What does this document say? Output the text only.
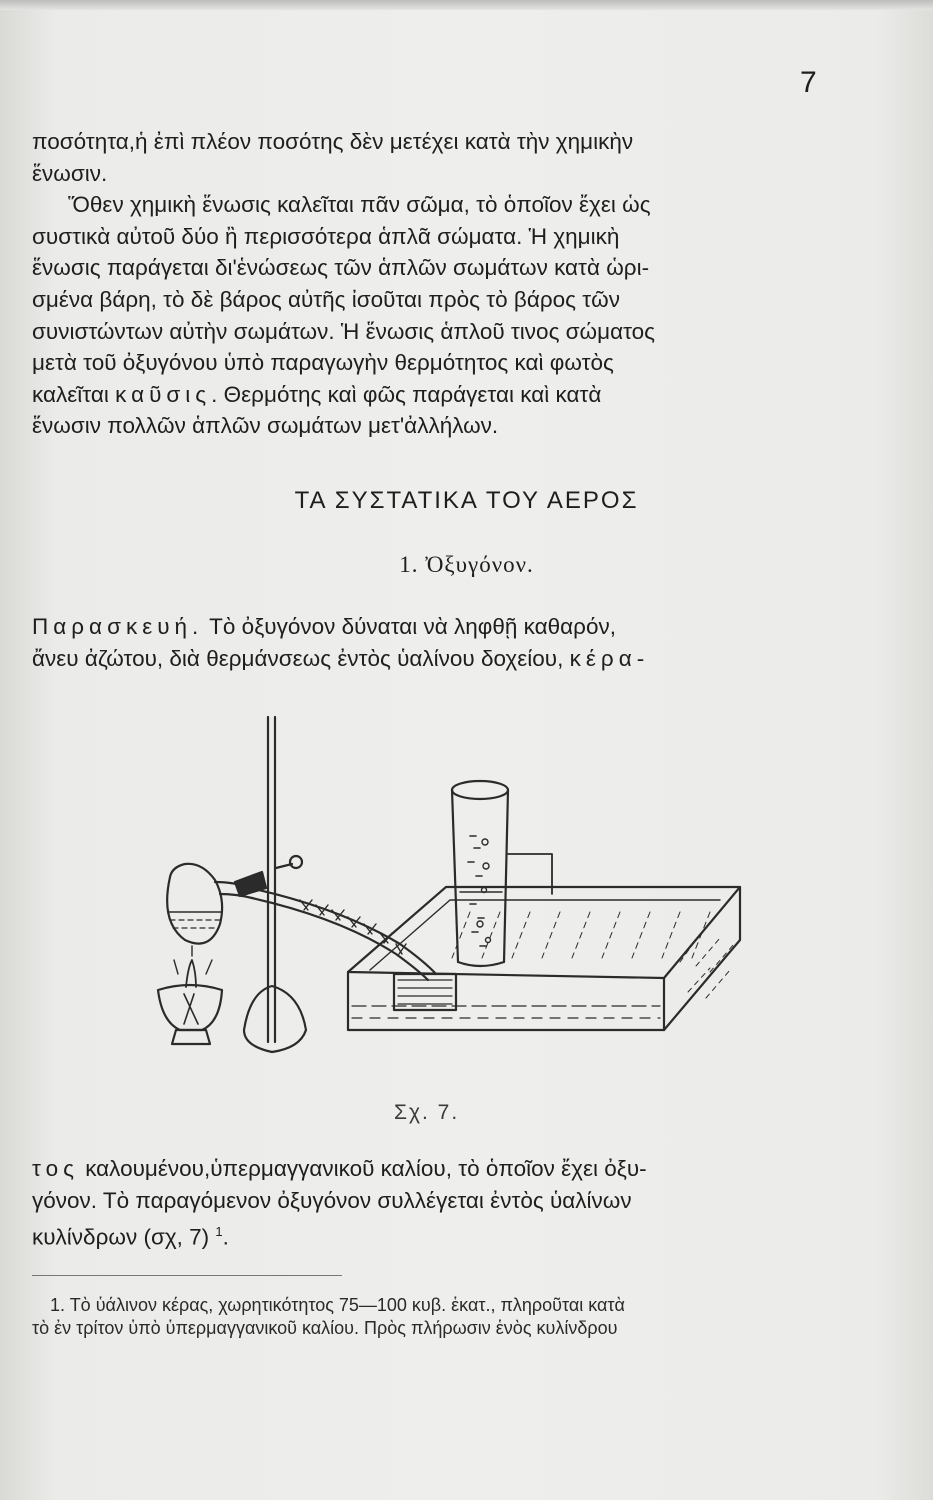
7
ποσότητα,ἡ ἐπὶ πλέον ποσότης δὲν μετέχει κατὰ τὴν χημικὴν
ἕνωσιν.
Ὅθεν χημικὴ ἕνωσις καλεῖται πᾶν σῶμα, τὸ ὁποῖον ἔχει ὡς
συστικὰ αὐτοῦ δύο ἢ περισσότερα ἁπλᾶ σώματα. Ἡ χημικὴ
ἕνωσις παράγεται δι'ἑνώσεως τῶν ἁπλῶν σωμάτων κατὰ ὡρι-
σμένα βάρη, τὸ δὲ βάρος αὐτῆς ἰσοῦται πρὸς τὸ βάρος τῶν
συνιστώντων αὐτὴν σωμάτων. Ἡ ἕνωσις ἁπλοῦ τινος σώματος
μετὰ τοῦ ὀξυγόνου ὑπὸ παραγωγὴν θερμότητος καὶ φωτὸς
καλεῖται καῦσις. Θερμότης καὶ φῶς παράγεται καὶ κατὰ
ἕνωσιν πολλῶν ἁπλῶν σωμάτων μετ'ἀλλήλων.
ΤΑ ΣΥΣΤΑΤΙΚΑ ΤΟΥ ΑΕΡΟΣ
1. Ὀξυγόνον.
Παρασκευή. Τὸ ὀξυγόνον δύναται νὰ ληφθῇ καθαρόν,
ἄνευ ἀζώτου, διὰ θερμάνσεως ἐντὸς ὑαλίνου δοχείου, κέρα-
Σχ. 7.
τος καλουμένου,ὑπερμαγγανικοῦ καλίου, τὸ ὁποῖον ἔχει ὀξυ-
γόνον. Τὸ παραγόμενον ὀξυγόνον συλλέγεται ἐντὸς ὑαλίνων
κυλίνδρων (σχ, 7) $^1$.
1. Τὸ ὑάλινον κέρας, χωρητικότητος 75—100 κυβ. ἑκατ., πληροῦται κατὰ
τὸ ἐν τρίτον ὑπὸ ὑπερμαγγανικοῦ καλίου. Πρὸς πλήρωσιν ἑνὸς κυλίνδρου
